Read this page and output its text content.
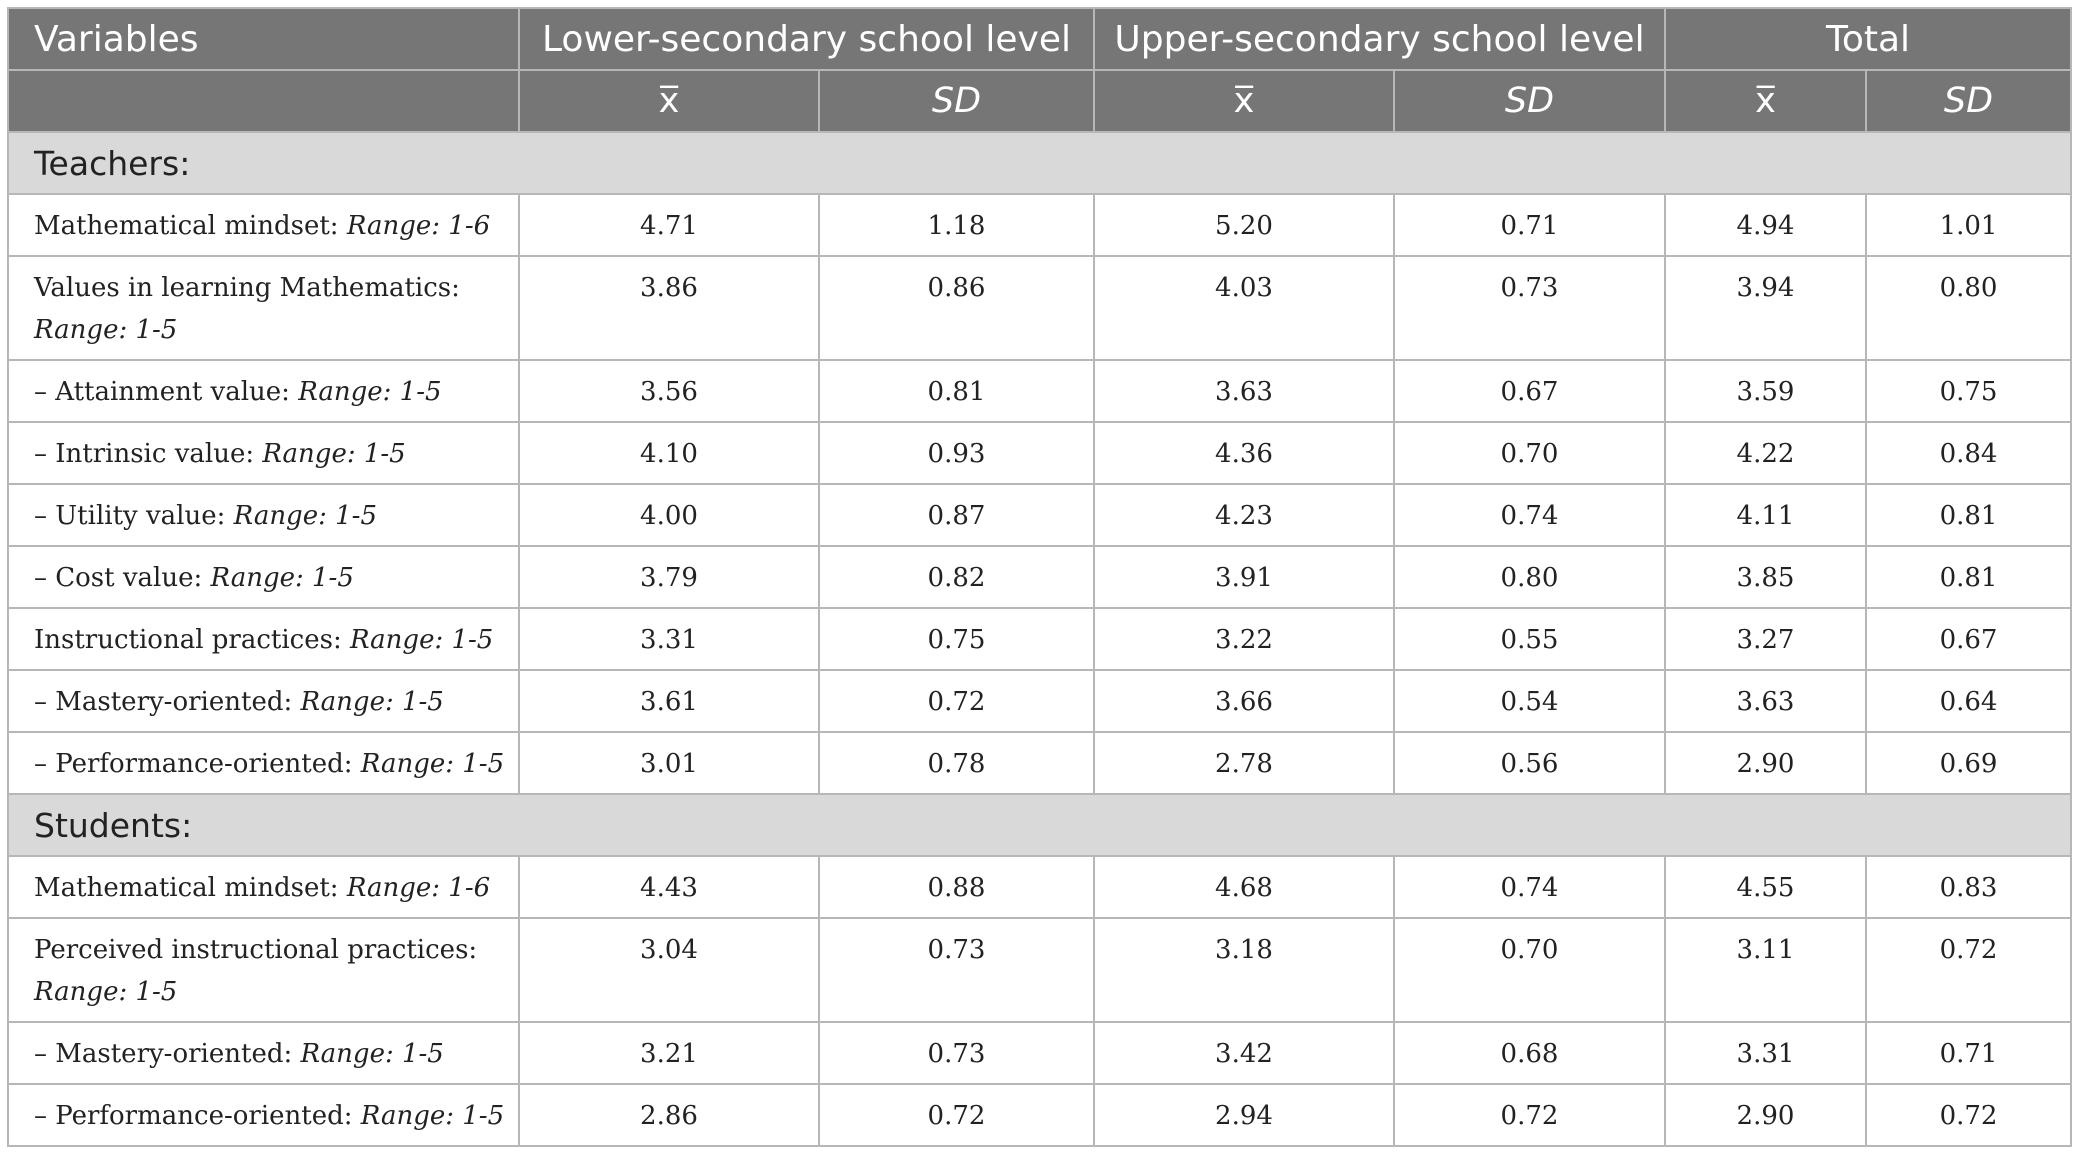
Variables	Lower-secondary school level		Upper-secondary school level		Total	
	x̅	SD	x̅	SD	x̅	SD
Teachers:						
Mathematical mindset: Range: 1-6	4.71	1.18	5.20	0.71	4.94	1.01
Values in learning Mathematics: Range: 1-5	3.86	0.86	4.03	0.73	3.94	0.80
– Attainment value: Range: 1-5	3.56	0.81	3.63	0.67	3.59	0.75
– Intrinsic value: Range: 1-5	4.10	0.93	4.36	0.70	4.22	0.84
– Utility value: Range: 1-5	4.00	0.87	4.23	0.74	4.11	0.81
– Cost value: Range: 1-5	3.79	0.82	3.91	0.80	3.85	0.81
Instructional practices: Range: 1-5	3.31	0.75	3.22	0.55	3.27	0.67
– Mastery-oriented: Range: 1-5	3.61	0.72	3.66	0.54	3.63	0.64
– Performance-oriented: Range: 1-5	3.01	0.78	2.78	0.56	2.90	0.69
Students:						
Mathematical mindset: Range: 1-6	4.43	0.88	4.68	0.74	4.55	0.83
Perceived instructional practices: Range: 1-5	3.04	0.73	3.18	0.70	3.11	0.72
– Mastery-oriented: Range: 1-5	3.21	0.73	3.42	0.68	3.31	0.71
– Performance-oriented: Range: 1-5	2.86	0.72	2.94	0.72	2.90	0.72
